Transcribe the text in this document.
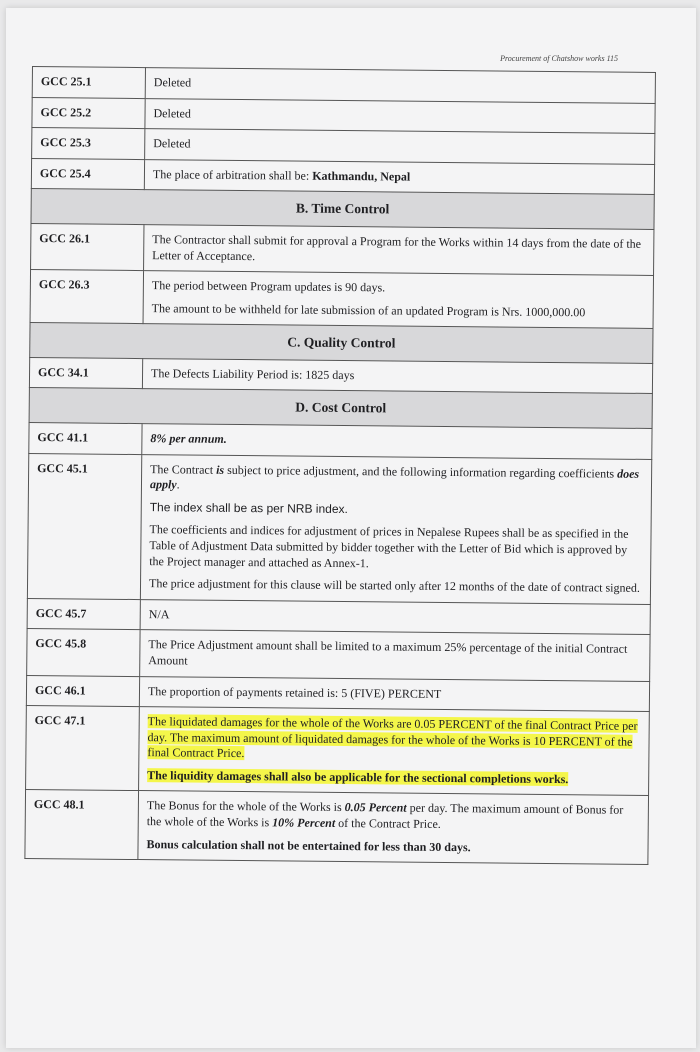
Procurement of Chatshow works 115
GCC 25.1	Deleted
GCC 25.2	Deleted
GCC 25.3	Deleted
GCC 25.4	The place of arbitration shall be: Kathmandu, Nepal
B. Time Control	
GCC 26.1	The Contractor shall submit for approval a Program for the Works within 14 days from the date of the Letter of Acceptance.
GCC 26.3	The period between Program updates is 90 days.

The amount to be withheld for late submission of an updated Program is Nrs. 1000,000.00

C. Quality Control	
GCC 34.1	The Defects Liability Period is: 1825 days
D. Cost Control	
GCC 41.1	8% per annum.
GCC 45.1	The Contract is subject to price adjustment, and the following information regarding coefficients does apply.

The index shall be as per NRB index.

The coefficients and indices for adjustment of prices in Nepalese Rupees shall be as specified in the Table of Adjustment Data submitted by bidder together with the Letter of Bid which is approved by the Project manager and attached as Annex-1.

The price adjustment for this clause will be started only after 12 months of the date of contract signed.

GCC 45.7	N/A
GCC 45.8	The Price Adjustment amount shall be limited to a maximum 25% percentage of the initial Contract Amount
GCC 46.1	The proportion of payments retained is: 5 (FIVE) PERCENT
GCC 47.1	The liquidated damages for the whole of the Works are 0.05 PERCENT of the final Contract Price per day. The maximum amount of liquidated damages for the whole of the Works is 10 PERCENT of the final Contract Price.

The liquidity damages shall also be applicable for the sectional completions works.

GCC 48.1	The Bonus for the whole of the Works is 0.05 Percent per day. The maximum amount of Bonus for the whole of the Works is 10% Percent of the Contract Price.

Bonus calculation shall not be entertained for less than 30 days.
